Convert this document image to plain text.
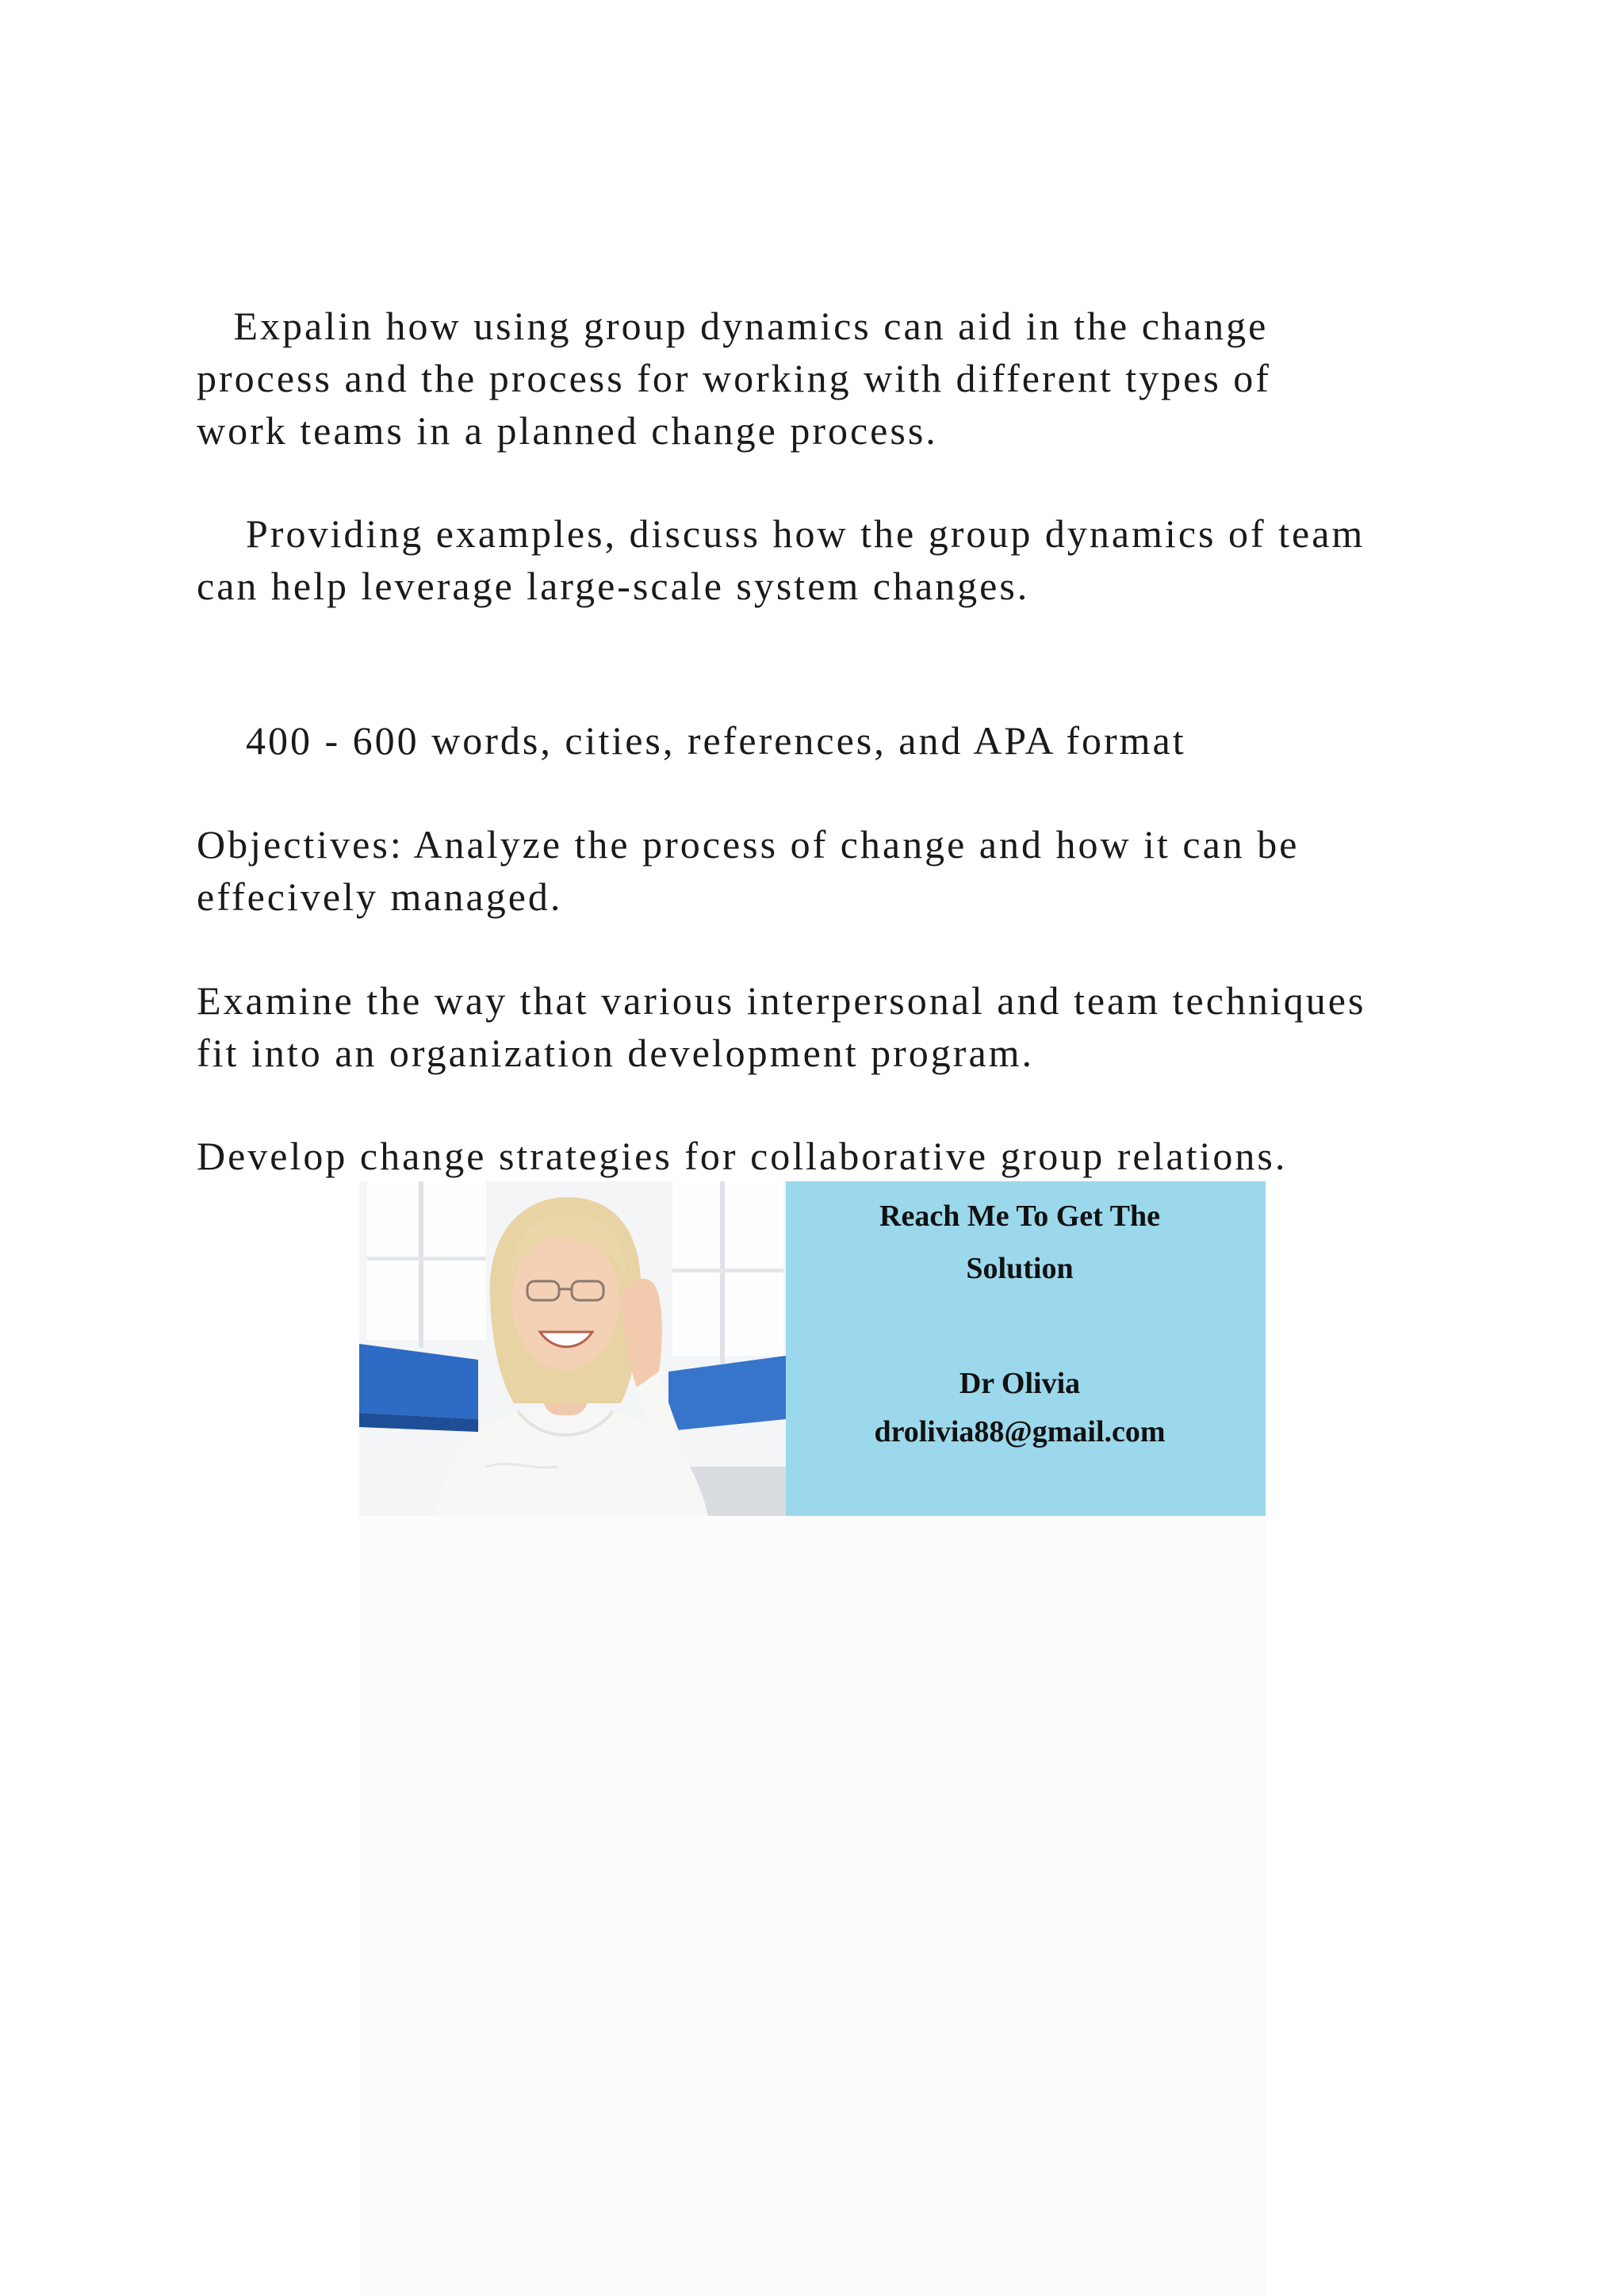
Expalin how using group dynamics can aid in the change

process and the process for working with different types of

work teams in a planned change process.

Providing examples, discuss how the group dynamics of team

can help leverage large-scale system changes.

400 - 600 words, cities, references, and APA format

Objectives: Analyze the process of change and how it can be

effecively managed.

Examine the way that various interpersonal and team techniques

fit into an organization development program.

Develop change strategies for collaborative group relations.

Reach Me To Get The

Solution

Dr Olivia

drolivia88@gmail.com
